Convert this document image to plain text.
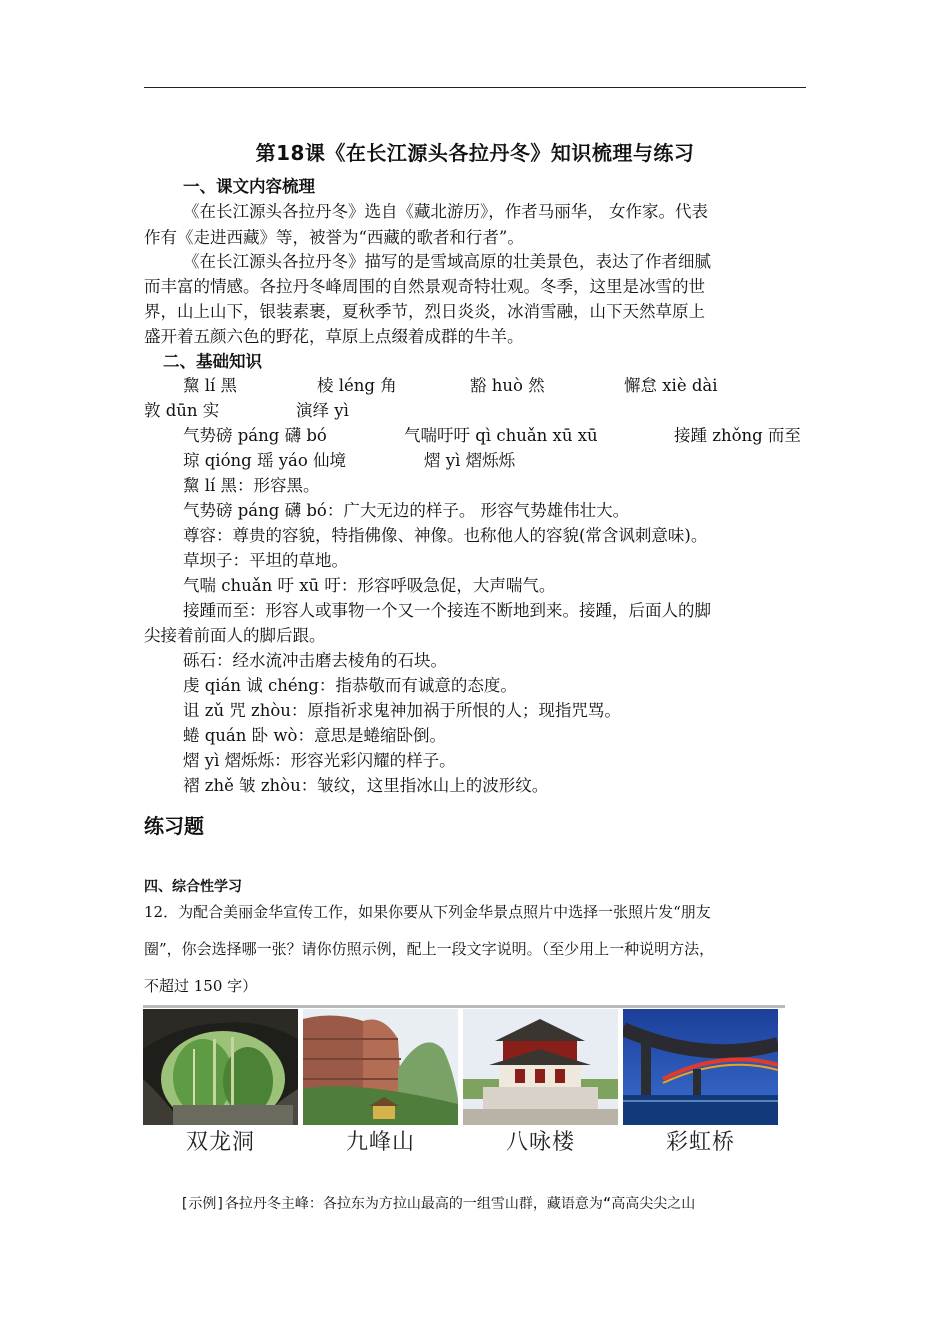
第18课《在长江源头各拉丹冬》知识梳理与练习
一、课文内容梳理
《在长江源头各拉丹冬》选自《藏北游历》，作者马丽华， 女作家。代表
作有《走进西藏》等，被誉为“西藏的歌者和行者”。
《在长江源头各拉丹冬》描写的是雪域高原的壮美景色，表达了作者细腻
而丰富的情感。各拉丹冬峰周围的自然景观奇特壮观。冬季，这里是冰雪的世
界，山上山下，银装素裹，夏秋季节，烈日炎炎，冰消雪融，山下天然草原上
盛开着五颜六色的野花，草原上点缀着成群的牛羊。
二、基础知识
黧 lí 黑	棱 léng 角	豁 huò 然	懈怠 xiè dài
敦 dūn 实	演绎 yì
气势磅 páng 礴 bó	气喘吁吁 qì chuǎn xū xū	接踵 zhǒng 而至
琼 qióng 瑶 yáo 仙境	熠 yì 熠烁烁
黧 lí 黑：形容黑。
气势磅 páng 礴 bó：广大无边的样子。 形容气势雄伟壮大。
尊容：尊贵的容貌，特指佛像、神像。也称他人的容貌(常含讽刺意味)。
草坝子：平坦的草地。
气喘 chuǎn 吁 xū 吁：形容呼吸急促，大声喘气。
接踵而至：形容人或事物一个又一个接连不断地到来。接踵，后面人的脚
尖接着前面人的脚后跟。
砾石：经水流冲击磨去棱角的石块。
虔 qián 诚 chéng：指恭敬而有诚意的态度。
诅 zǔ 咒 zhòu：原指祈求鬼神加祸于所恨的人；现指咒骂。
蜷 quán 卧 wò：意思是蜷缩卧倒。
熠 yì 熠烁烁：形容光彩闪耀的样子。
褶 zhě 皱 zhòu：皱纹，这里指冰山上的波形纹。
练习题
四、综合性学习
12．为配合美丽金华宣传工作，如果你要从下列金华景点照片中选择一张照片发“朋友
圈”，你会选择哪一张？请你仿照示例，配上一段文字说明。（至少用上一种说明方法，
不超过 150 字）
双龙洞	九峰山	八咏楼	彩虹桥
[示例]各拉丹冬主峰：各拉东为方拉山最高的一组雪山群，藏语意为“高高尖尖之山
